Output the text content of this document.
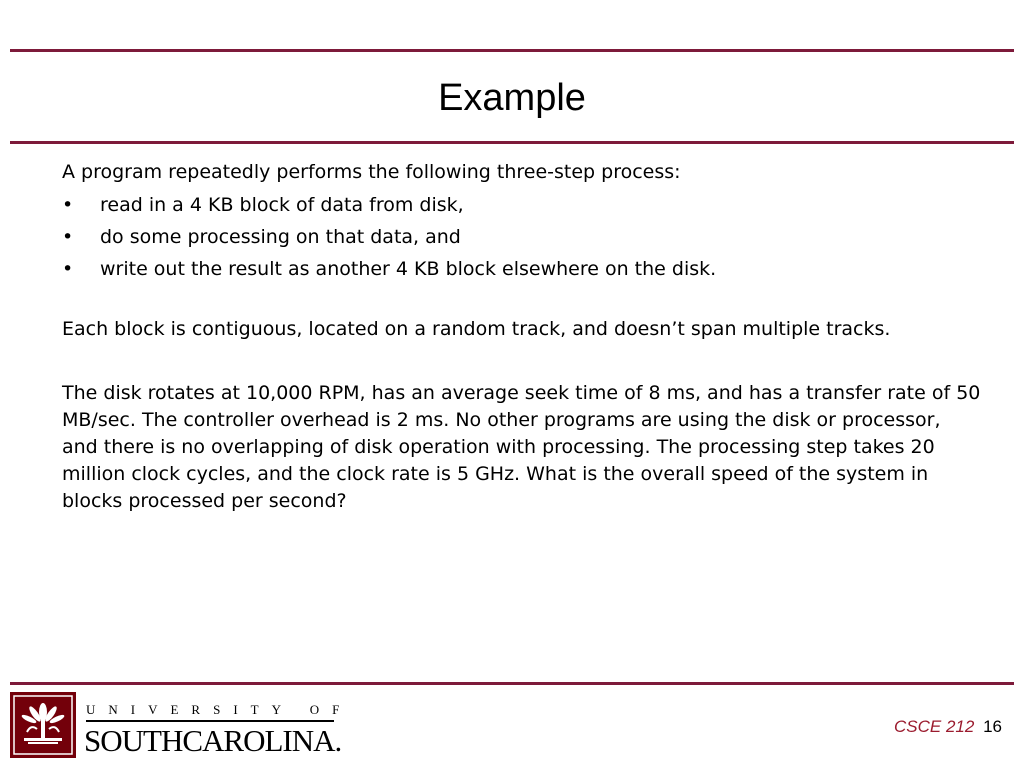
Example

A program repeatedly performs the following three-step process:

•	read in a 4 KB block of data from disk,
•	do some processing on that data, and
•	write out the result as another 4 KB block elsewhere on the disk.

Each block is contiguous, located on a random track, and doesn’t span multiple tracks.

The disk rotates at 10,000 RPM, has an average seek time of 8 ms, and has a transfer rate of 50 MB/sec. The controller overhead is 2 ms. No other programs are using the disk or processor, and there is no overlapping of disk operation with processing. The processing step takes 20 million clock cycles, and the clock rate is 5 GHz. What is the overall speed of the system in blocks processed per second?

UNIVERSITY OF
SOUTHCAROLINA.	CSCE 212 16
